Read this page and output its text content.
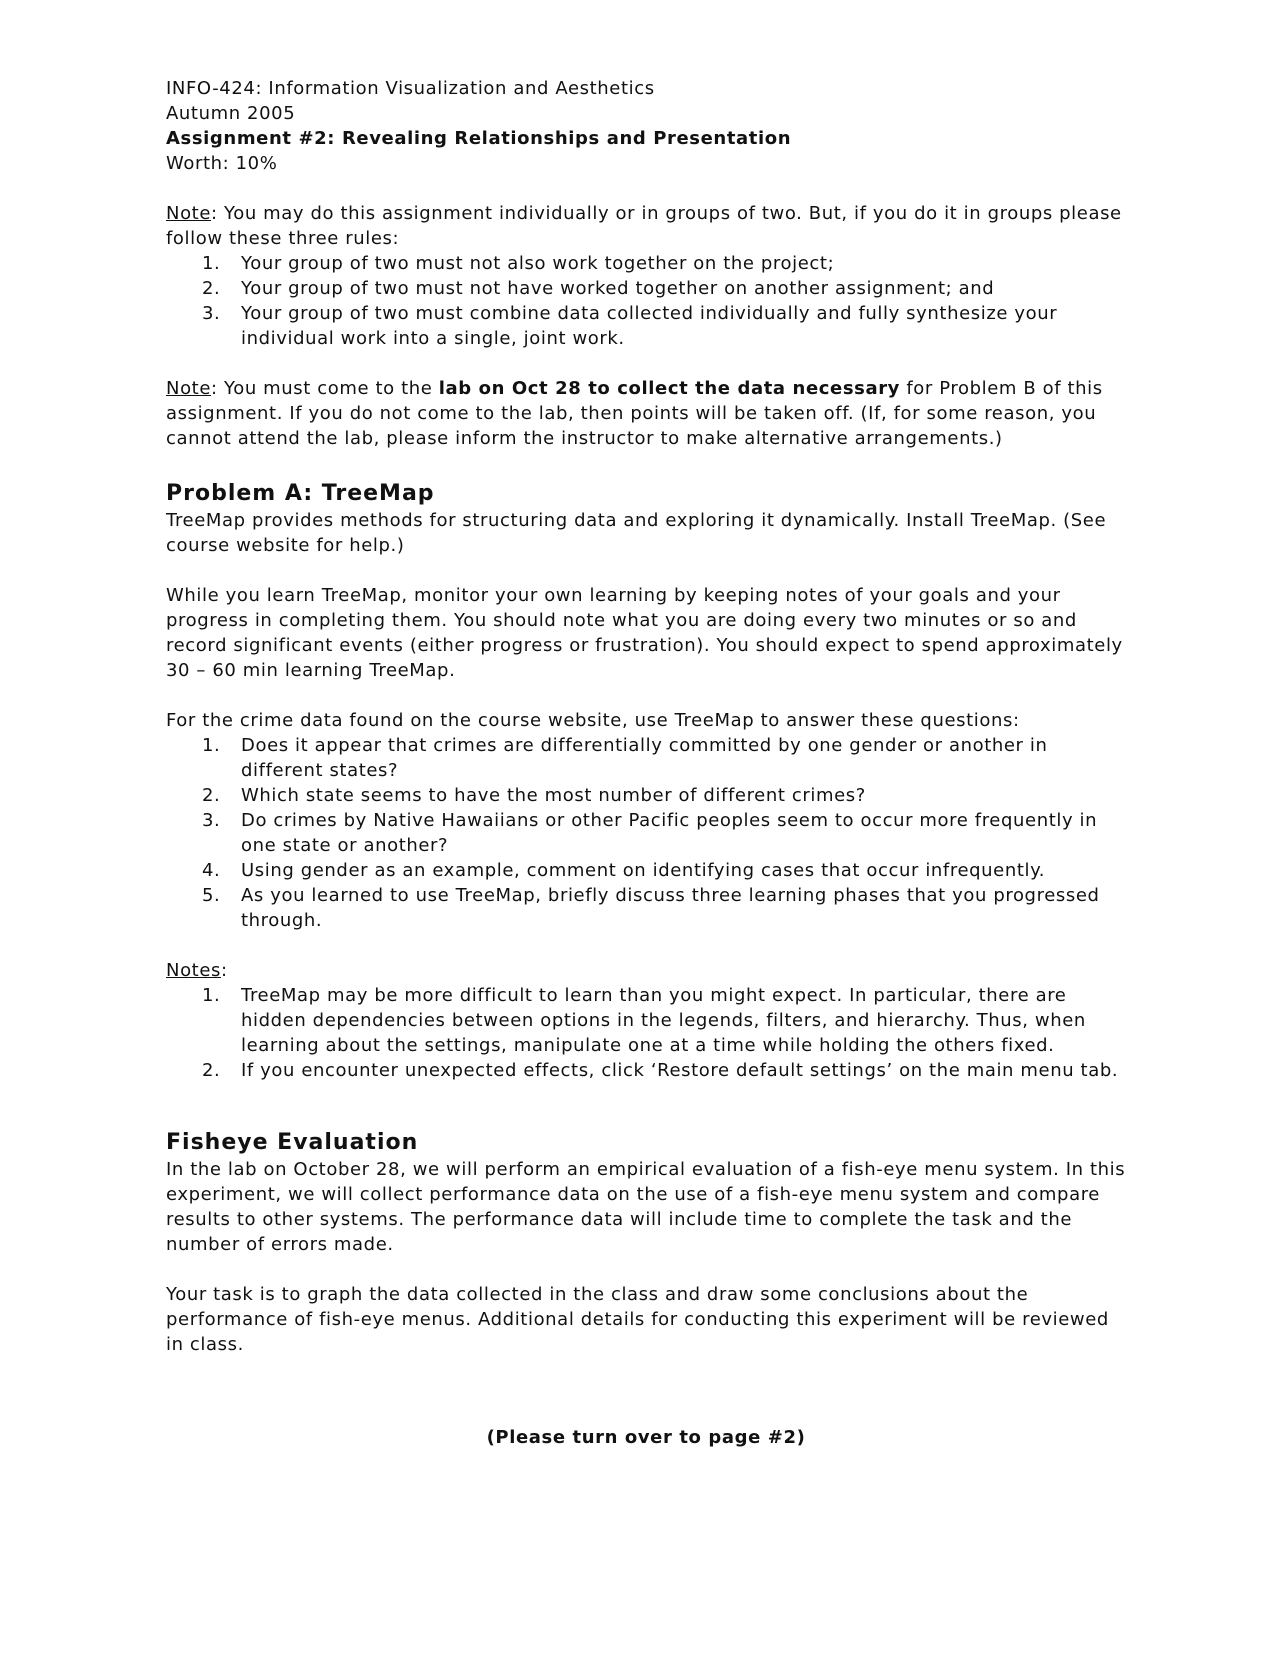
INFO-424: Information Visualization and Aesthetics

Autumn 2005

Assignment #2: Revealing Relationships and Presentation

Worth: 10%

Note: You may do this assignment individually or in groups of two. But, if you do it in groups please follow these three rules:

1. Your group of two must not also work together on the project;
2. Your group of two must not have worked together on another assignment; and
3. Your group of two must combine data collected individually and fully synthesize your individual work into a single, joint work.

Note: You must come to the lab on Oct 28 to collect the data necessary for Problem B of this assignment. If you do not come to the lab, then points will be taken off. (If, for some reason, you cannot attend the lab, please inform the instructor to make alternative arrangements.)

Problem A: TreeMap

TreeMap provides methods for structuring data and exploring it dynamically. Install TreeMap. (See course website for help.)

While you learn TreeMap, monitor your own learning by keeping notes of your goals and your progress in completing them. You should note what you are doing every two minutes or so and record significant events (either progress or frustration). You should expect to spend approximately 30 – 60 min learning TreeMap.

For the crime data found on the course website, use TreeMap to answer these questions:

1. Does it appear that crimes are differentially committed by one gender or another in different states?
2. Which state seems to have the most number of different crimes?
3. Do crimes by Native Hawaiians or other Pacific peoples seem to occur more frequently in one state or another?
4. Using gender as an example, comment on identifying cases that occur infrequently.
5. As you learned to use TreeMap, briefly discuss three learning phases that you progressed through.

Notes:

1. TreeMap may be more difficult to learn than you might expect. In particular, there are hidden dependencies between options in the legends, filters, and hierarchy. Thus, when learning about the settings, manipulate one at a time while holding the others fixed.
2. If you encounter unexpected effects, click ‘Restore default settings’ on the main menu tab.
Fisheye Evaluation

In the lab on October 28, we will perform an empirical evaluation of a fish-eye menu system. In this experiment, we will collect performance data on the use of a fish-eye menu system and compare results to other systems. The performance data will include time to complete the task and the number of errors made.

Your task is to graph the data collected in the class and draw some conclusions about the performance of fish-eye menus. Additional details for conducting this experiment will be reviewed in class.

(Please turn over to page #2)
